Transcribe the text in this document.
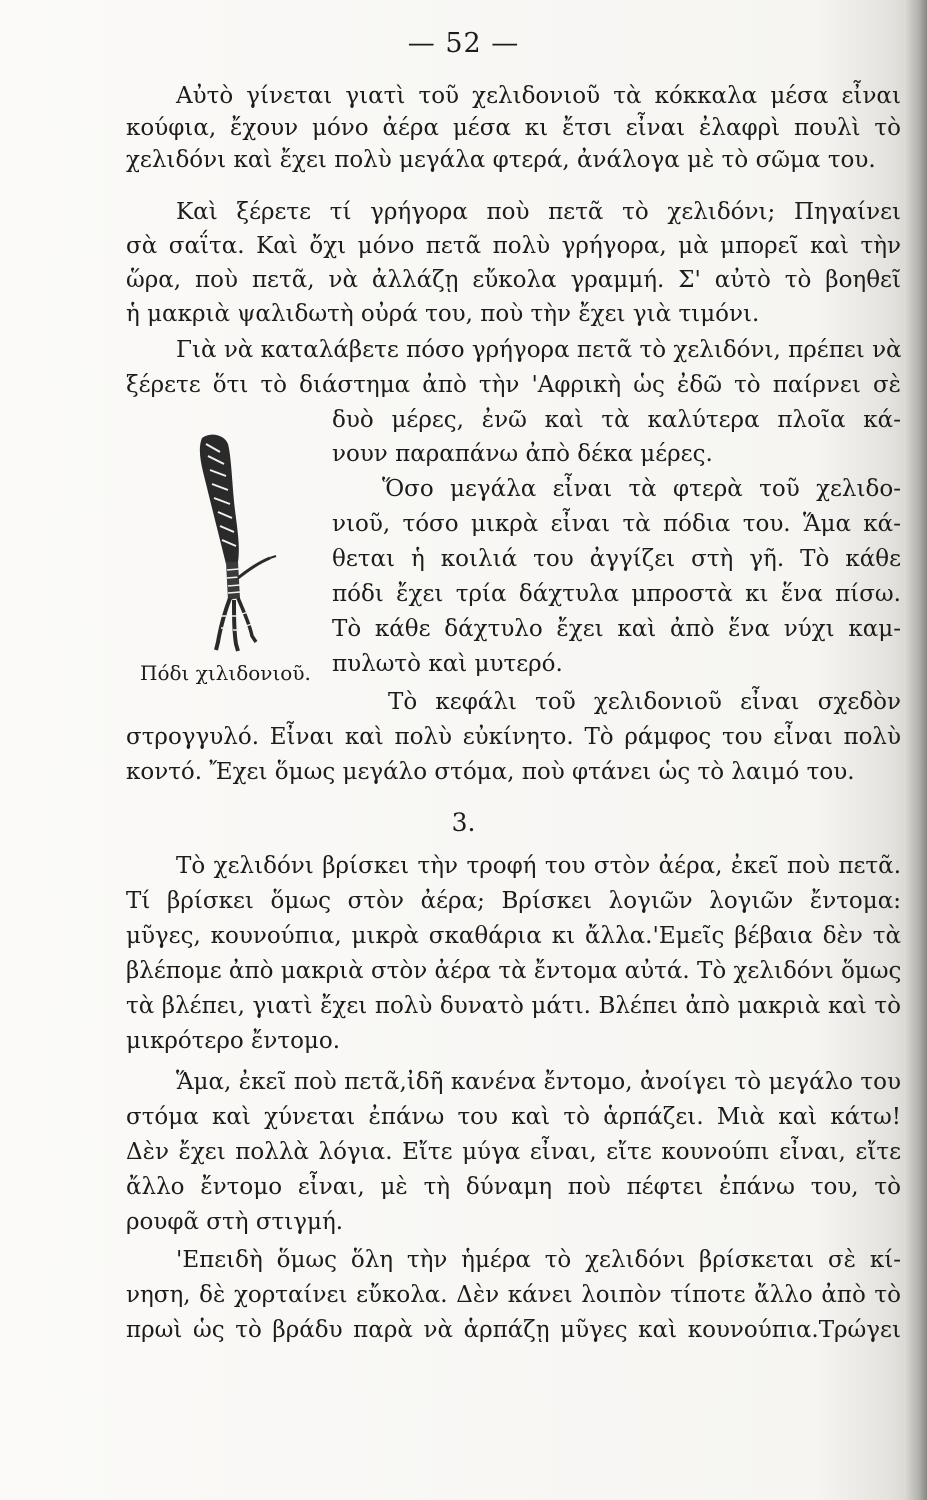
— 52 —
Αὐτὸ γίνεται γιατὶ τοῦ χελιδονιοῦ τὰ κόκκαλα μέσα εἶναι
κούφια, ἔχουν μόνο ἀέρα μέσα κι ἔτσι εἶναι ἐλαφρὶ πουλὶ τὸ
χελιδόνι καὶ ἔχει πολὺ μεγάλα φτερά, ἀνάλογα μὲ τὸ σῶμα του.
Καὶ ξέρετε τί γρήγορα ποὺ πετᾶ τὸ χελιδόνι; Πηγαίνει
σὰ σαΐτα. Καὶ ὄχι μόνο πετᾶ πολὺ γρήγορα, μὰ μπορεῖ καὶ τὴν
ὥρα, ποὺ πετᾶ, νὰ ἀλλάζῃ εὔκολα γραμμή. Σ' αὐτὸ τὸ βοηθεῖ
ἡ μακριὰ ψαλιδωτὴ οὐρά του, ποὺ τὴν ἔχει γιὰ τιμόνι.
Γιὰ νὰ καταλάβετε πόσο γρήγορα πετᾶ τὸ χελιδόνι, πρέπει νὰ
ξέρετε ὅτι τὸ διάστημα ἀπὸ τὴν 'Αφρικὴ ὡς ἐδῶ τὸ παίρνει σὲ
δυὸ μέρες, ἐνῶ καὶ τὰ καλύτερα πλοῖα κά-
νουν παραπάνω ἀπὸ δέκα μέρες.
Ὅσο μεγάλα εἶναι τὰ φτερὰ τοῦ χελιδο-
νιοῦ, τόσο μικρὰ εἶναι τὰ πόδια του. Ἅμα κά-
θεται ἡ κοιλιά του ἀγγίζει στὴ γῆ. Τὸ κάθε
πόδι ἔχει τρία δάχτυλα μπροστὰ κι ἕνα πίσω.
Τὸ κάθε δάχτυλο ἔχει καὶ ἀπὸ ἕνα νύχι καμ-
πυλωτὸ καὶ μυτερό.
Πόδι χιλιδονιοῦ.
Τὸ κεφάλι τοῦ χελιδονιοῦ εἶναι σχεδὸν
στρογγυλό. Εἶναι καὶ πολὺ εὐκίνητο. Τὸ ράμφος του εἶναι πολὺ
κοντό. Ἔχει ὅμως μεγάλο στόμα, ποὺ φτάνει ὡς τὸ λαιμό του.
3.
Τὸ χελιδόνι βρίσκει τὴν τροφή του στὸν ἀέρα, ἐκεῖ ποὺ πετᾶ.
Τί βρίσκει ὅμως στὸν ἀέρα; Βρίσκει λογιῶν λογιῶν ἔντομα:
μῦγες, κουνούπια, μικρὰ σκαθάρια κι ἄλλα.'Εμεῖς βέβαια δὲν τὰ
βλέπομε ἀπὸ μακριὰ στὸν ἀέρα τὰ ἔντομα αὐτά. Τὸ χελιδόνι ὅμως
τὰ βλέπει, γιατὶ ἔχει πολὺ δυνατὸ μάτι. Βλέπει ἀπὸ μακριὰ καὶ τὸ
μικρότερο ἔντομο.
Ἅμα, ἐκεῖ ποὺ πετᾶ,ἰδῆ κανένα ἔντομο, ἀνοίγει τὸ μεγάλο του
στόμα καὶ χύνεται ἐπάνω του καὶ τὸ ἁρπάζει. Μιὰ καὶ κάτω!
Δὲν ἔχει πολλὰ λόγια. Εἴτε μύγα εἶναι, εἴτε κουνούπι εἶναι, εἴτε
ἄλλο ἔντομο εἶναι, μὲ τὴ δύναμη ποὺ πέφτει ἐπάνω του, τὸ
ρουφᾶ στὴ στιγμή.
'Επειδὴ ὅμως ὅλη τὴν ἡμέρα τὸ χελιδόνι βρίσκεται σὲ κί-
νηση, δὲ χορταίνει εὔκολα. Δὲν κάνει λοιπὸν τίποτε ἄλλο ἀπὸ τὸ
πρωὶ ὡς τὸ βράδυ παρὰ νὰ ἁρπάζῃ μῦγες καὶ κουνούπια.Τρώγει
